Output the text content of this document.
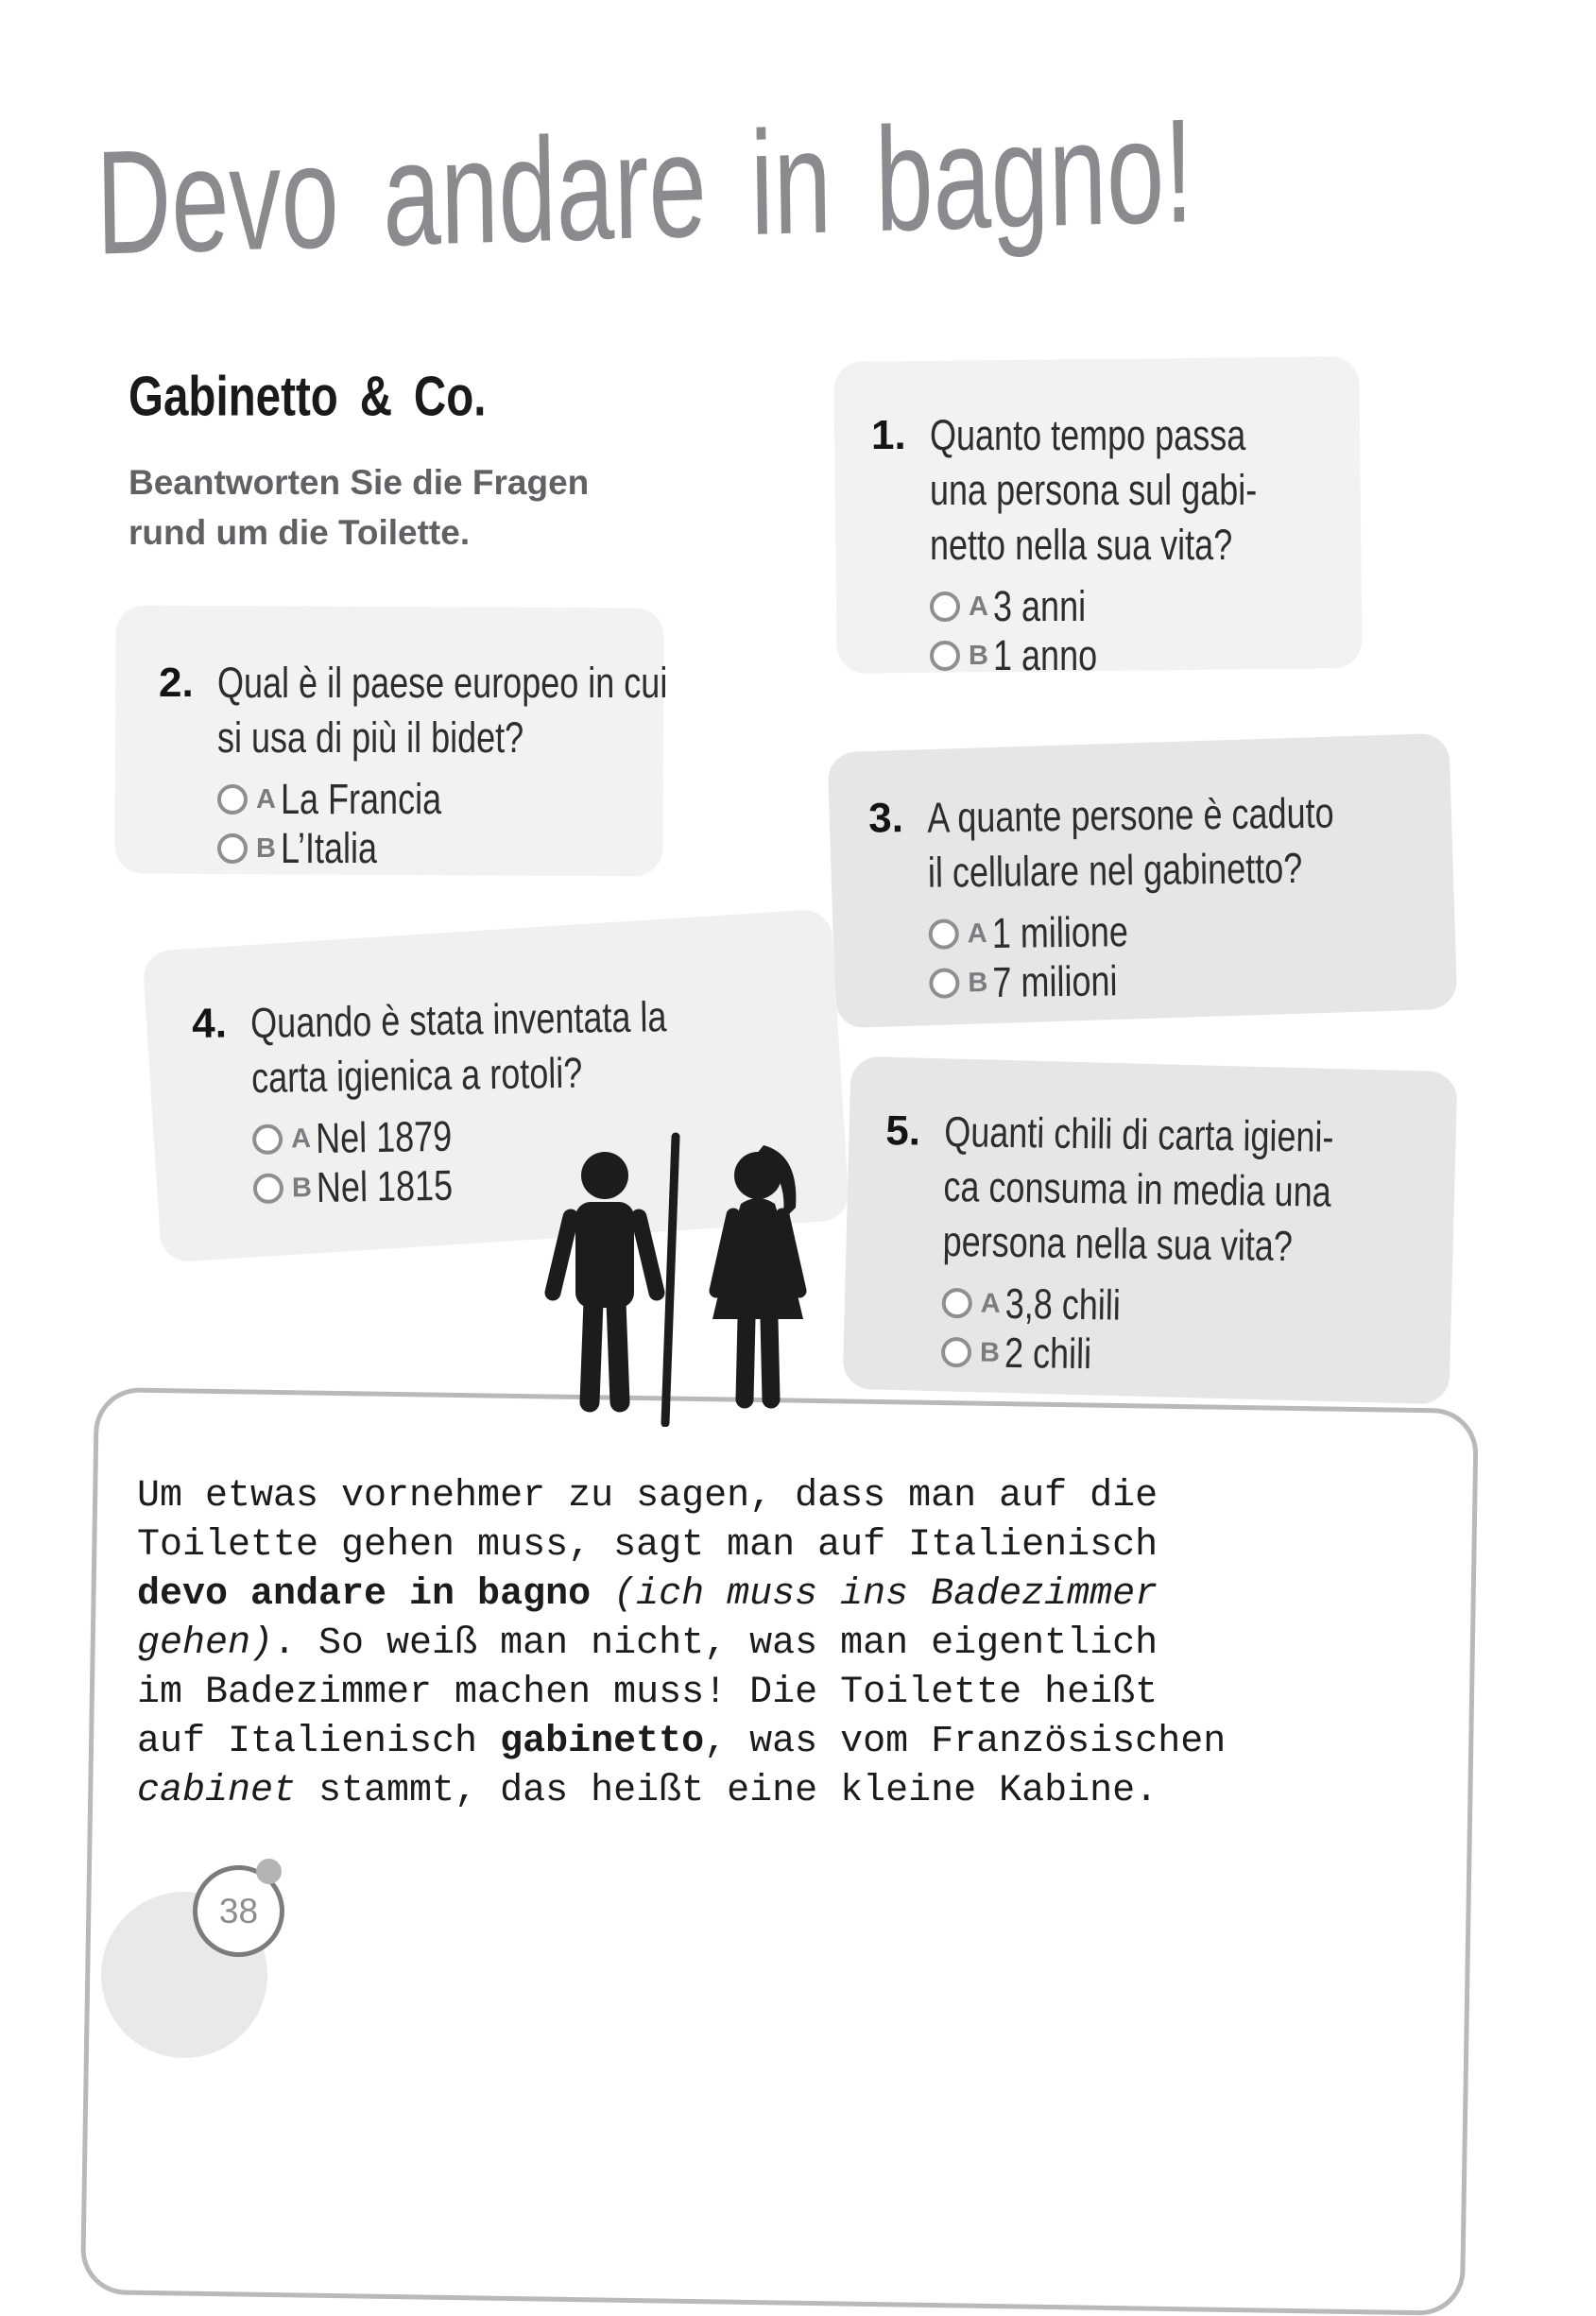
Devo andare in bagno!
Gabinetto & Co.
Beantworten Sie die Fragen
rund um die Toilette.
1. Quanto tempo passa
una persona sul gabi-
netto nella sua vita?
A 3 anni
B 1 anno
2. Qual è il paese europeo in cui
si usa di più il bidet?
A La Francia
B L’Italia
3. A quante persone è caduto
il cellulare nel gabinetto?
A 1 milione
B 7 milioni
4. Quando è stata inventata la
carta igienica a rotoli?
A Nel 1879
B Nel 1815
5. Quanti chili di carta igieni-
ca consuma in media una
persona nella sua vita?
A 3,8 chili
B 2 chili
Um etwas vornehmer zu sagen, dass man auf die
Toilette gehen muss, sagt man auf Italienisch
devo andare in bagno (ich muss ins Badezimmer
gehen). So weiß man nicht, was man eigentlich
im Badezimmer machen muss! Die Toilette heißt
auf Italienisch gabinetto, was vom Französischen
cabinet stammt, das heißt eine kleine Kabine.
38
